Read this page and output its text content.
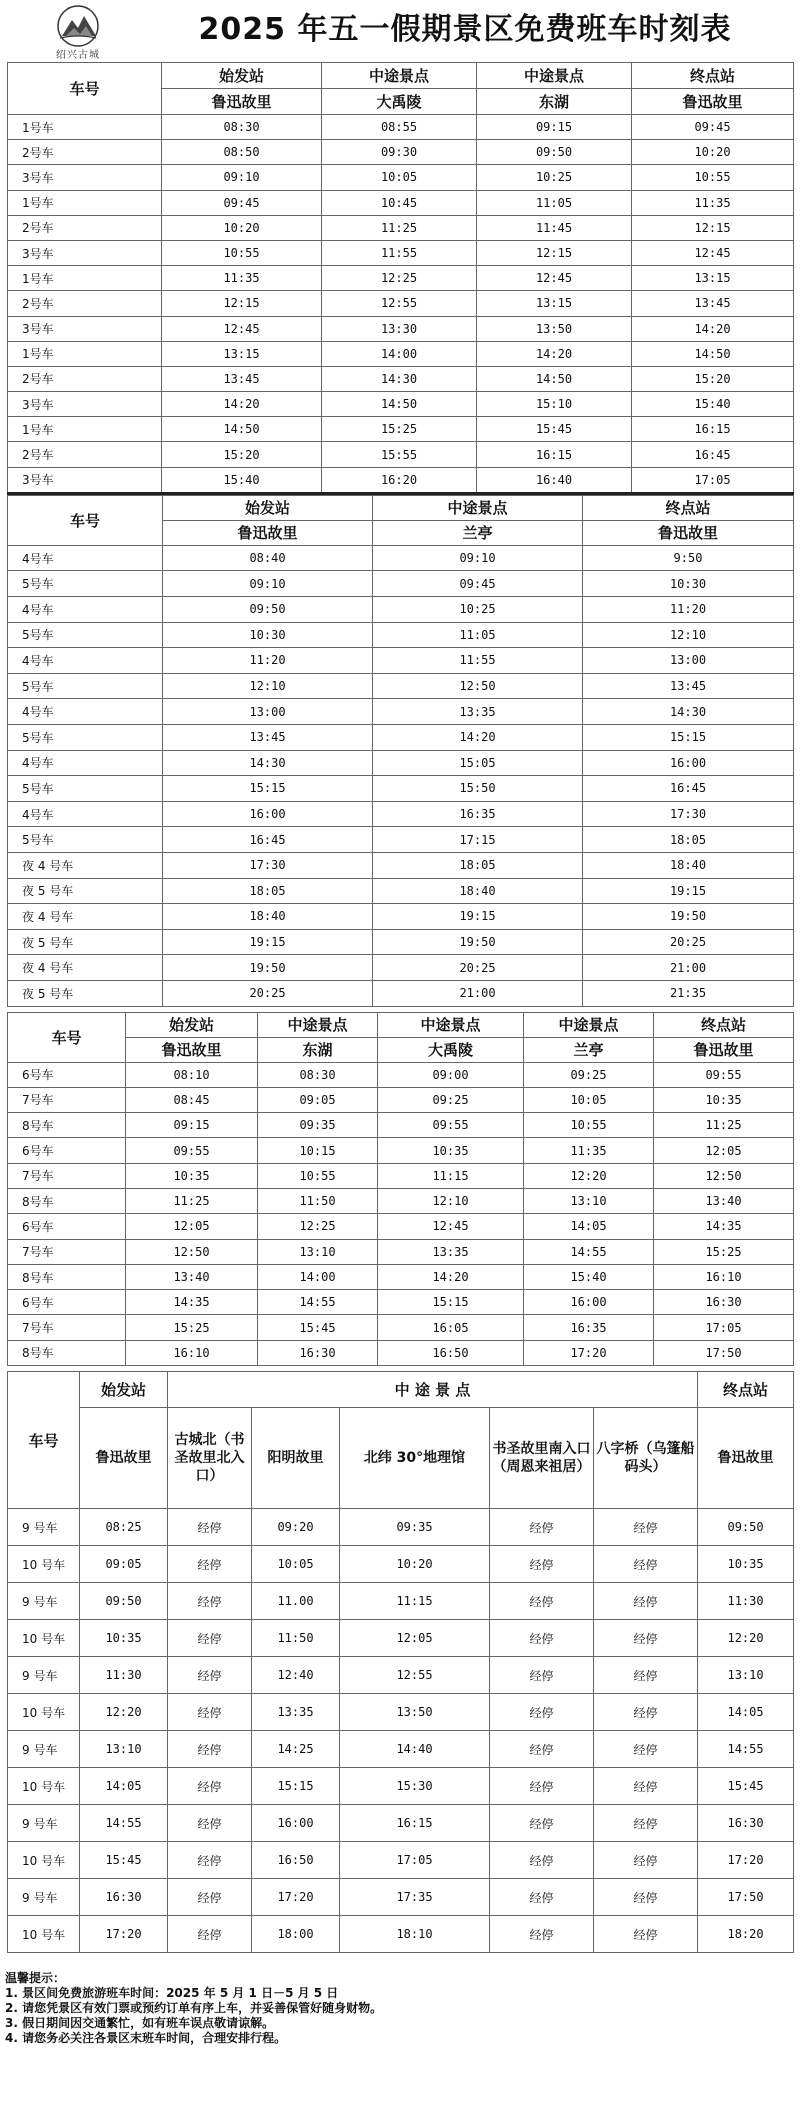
绍兴古城
2025 年五一假期景区免费班车时刻表
车号	始发站	中途景点	中途景点	终点站
	鲁迅故里	大禹陵	东湖	鲁迅故里
1号车	08:30	08:55	09:15	09:45
2号车	08:50	09:30	09:50	10:20
3号车	09:10	10:05	10:25	10:55
1号车	09:45	10:45	11:05	11:35
2号车	10:20	11:25	11:45	12:15
3号车	10:55	11:55	12:15	12:45
1号车	11:35	12:25	12:45	13:15
2号车	12:15	12:55	13:15	13:45
3号车	12:45	13:30	13:50	14:20
1号车	13:15	14:00	14:20	14:50
2号车	13:45	14:30	14:50	15:20
3号车	14:20	14:50	15:10	15:40
1号车	14:50	15:25	15:45	16:15
2号车	15:20	15:55	16:15	16:45
3号车	15:40	16:20	16:40	17:05
车号	始发站	中途景点	终点站
	鲁迅故里	兰亭	鲁迅故里
4号车	08:40	09:10	9:50
5号车	09:10	09:45	10:30
4号车	09:50	10:25	11:20
5号车	10:30	11:05	12:10
4号车	11:20	11:55	13:00
5号车	12:10	12:50	13:45
4号车	13:00	13:35	14:30
5号车	13:45	14:20	15:15
4号车	14:30	15:05	16:00
5号车	15:15	15:50	16:45
4号车	16:00	16:35	17:30
5号车	16:45	17:15	18:05
夜 4 号车	17:30	18:05	18:40
夜 5 号车	18:05	18:40	19:15
夜 4 号车	18:40	19:15	19:50
夜 5 号车	19:15	19:50	20:25
夜 4 号车	19:50	20:25	21:00
夜 5 号车	20:25	21:00	21:35
车号	始发站	中途景点	中途景点	中途景点	终点站
	鲁迅故里	东湖	大禹陵	兰亭	鲁迅故里
6号车	08:10	08:30	09:00	09:25	09:55
7号车	08:45	09:05	09:25	10:05	10:35
8号车	09:15	09:35	09:55	10:55	11:25
6号车	09:55	10:15	10:35	11:35	12:05
7号车	10:35	10:55	11:15	12:20	12:50
8号车	11:25	11:50	12:10	13:10	13:40
6号车	12:05	12:25	12:45	14:05	14:35
7号车	12:50	13:10	13:35	14:55	15:25
8号车	13:40	14:00	14:20	15:40	16:10
6号车	14:35	14:55	15:15	16:00	16:30
7号车	15:25	15:45	16:05	16:35	17:05
8号车	16:10	16:30	16:50	17:20	17:50
车号	始发站	中 途 景 点					终点站
	鲁迅故里	古城北（书圣故里北入口）	阳明故里	北纬 30°地理馆	书圣故里南入口（周恩来祖居）	八字桥（乌篷船码头）	鲁迅故里
9 号车	08:25	经停	09:20	09:35	经停	经停	09:50
10 号车	09:05	经停	10:05	10:20	经停	经停	10:35
9 号车	09:50	经停	11.00	11:15	经停	经停	11:30
10 号车	10:35	经停	11:50	12:05	经停	经停	12:20
9 号车	11:30	经停	12:40	12:55	经停	经停	13:10
10 号车	12:20	经停	13:35	13:50	经停	经停	14:05
9 号车	13:10	经停	14:25	14:40	经停	经停	14:55
10 号车	14:05	经停	15:15	15:30	经停	经停	15:45
9 号车	14:55	经停	16:00	16:15	经停	经停	16:30
10 号车	15:45	经停	16:50	17:05	经停	经停	17:20
9 号车	16:30	经停	17:20	17:35	经停	经停	17:50
10 号车	17:20	经停	18:00	18:10	经停	经停	18:20
温馨提示：
1. 景区间免费旅游班车时间：2025 年 5 月 1 日－5 月 5 日
2. 请您凭景区有效门票或预约订单有序上车，并妥善保管好随身财物。
3. 假日期间因交通繁忙，如有班车误点敬请谅解。
4. 请您务必关注各景区末班车时间，合理安排行程。
